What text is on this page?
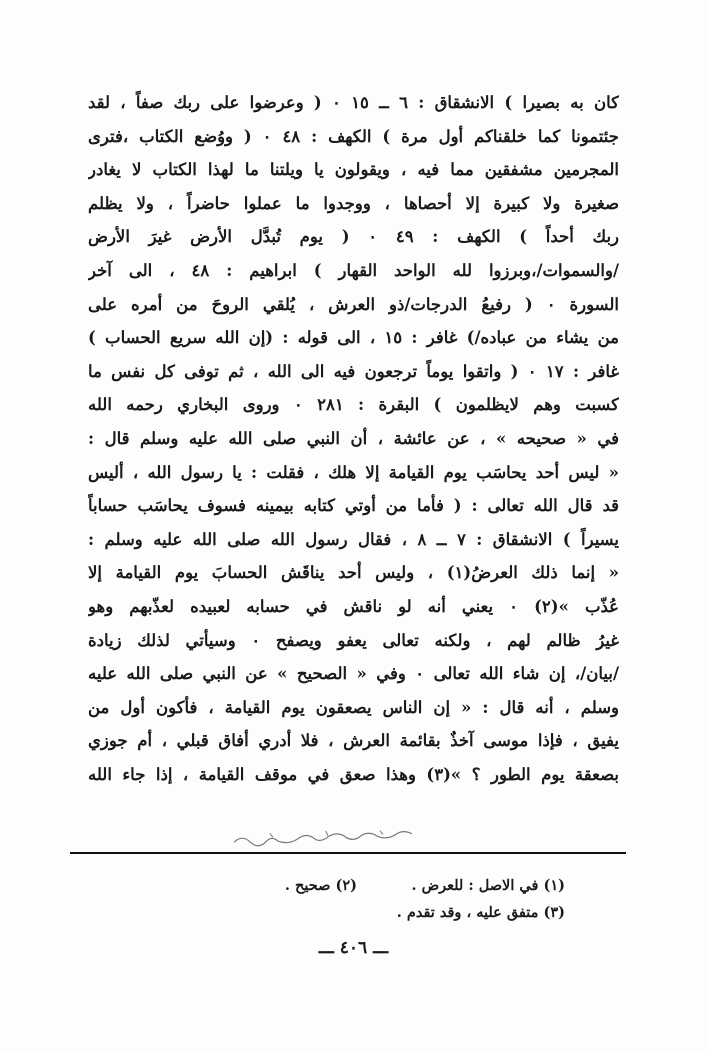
كان به بصيرا ) الانشقاق : ٦ ــ ١٥ ٠ ( وعرضوا على ربك صفاً ، لقد
جئتمونا كما خلقناكم أول مرة ) الكهف : ٤٨ ٠ ( ووُضع الكتاب ،فترى
المجرمين مشفقين مما فيه ، ويقولون يا ويلتنا ما لهذا الكتاب لا يغادر
صغيرة ولا كبيرة إلا أحصاها ، ووجدوا ما عملوا حاضراً ، ولا يظلم
ربك أحداً ) الكهف : ٤٩ ٠ ( يوم تُبدَّل الأرض غيرَ الأرض
/والسموات/،وبرزوا لله الواحد القهار ) ابراهيم : ٤٨ ، الى آخر
السورة ٠ ( رفيعُ الدرجات/ذو العرش ، يُلقي الروحَ من أمره على
من يشاء من عباده/) غافر : ١٥ ، الى قوله : (إن الله سريع الحساب )
غافر : ١٧ ٠ ( واتقوا يوماً ترجعون فيه الى الله ، ثم توفى كل نفس ما
كسبت وهم لايظلمون ) البقرة : ٢٨١ ٠ وروى البخاري رحمه الله
في « صحيحه » ، عن عائشة ، أن النبي صلى الله عليه وسلم قال :
« ليس أحد يحاسَب يوم القيامة إلا هلك ، فقلت : يا رسول الله ، أليس
قد قال الله تعالى : ( فأما من أوتي كتابه بيمينه فسوف يحاسَب حساباً
يسيراً ) الانشقاق : ٧ ــ ٨ ، فقال رسول الله صلى الله عليه وسلم :
« إنما ذلك العرضُ(١) ، وليس أحد يناقَش الحسابَ يوم القيامة إلا
عُذّب »(٢) ٠ يعني أنه لو ناقش في حسابه لعبيده لعذّبهم وهو
غيرُ ظالم لهم ، ولكنه تعالى يعفو ويصفح ٠ وسيأتي لذلك زيادة
/بيان/، إن شاء الله تعالى ٠ وفي « الصحيح » عن النبي صلى الله عليه
وسلم ، أنه قال : « إن الناس يصعقون يوم القيامة ، فأكون أول من
يفيق ، فإذا موسى آخذٌ بقائمة العرش ، فلا أدري أفاق قبلي ، أم جوزي
بصعقة يوم الطور ؟ »(٣) وهذا صعق في موقف القيامة ، إذا جاء الله
(١) في الاصل : للعرض .
(٢) صحيح .
(٣) متفق عليه ، وقد تقدم .
ـــ ٤٠٦ ـــ
